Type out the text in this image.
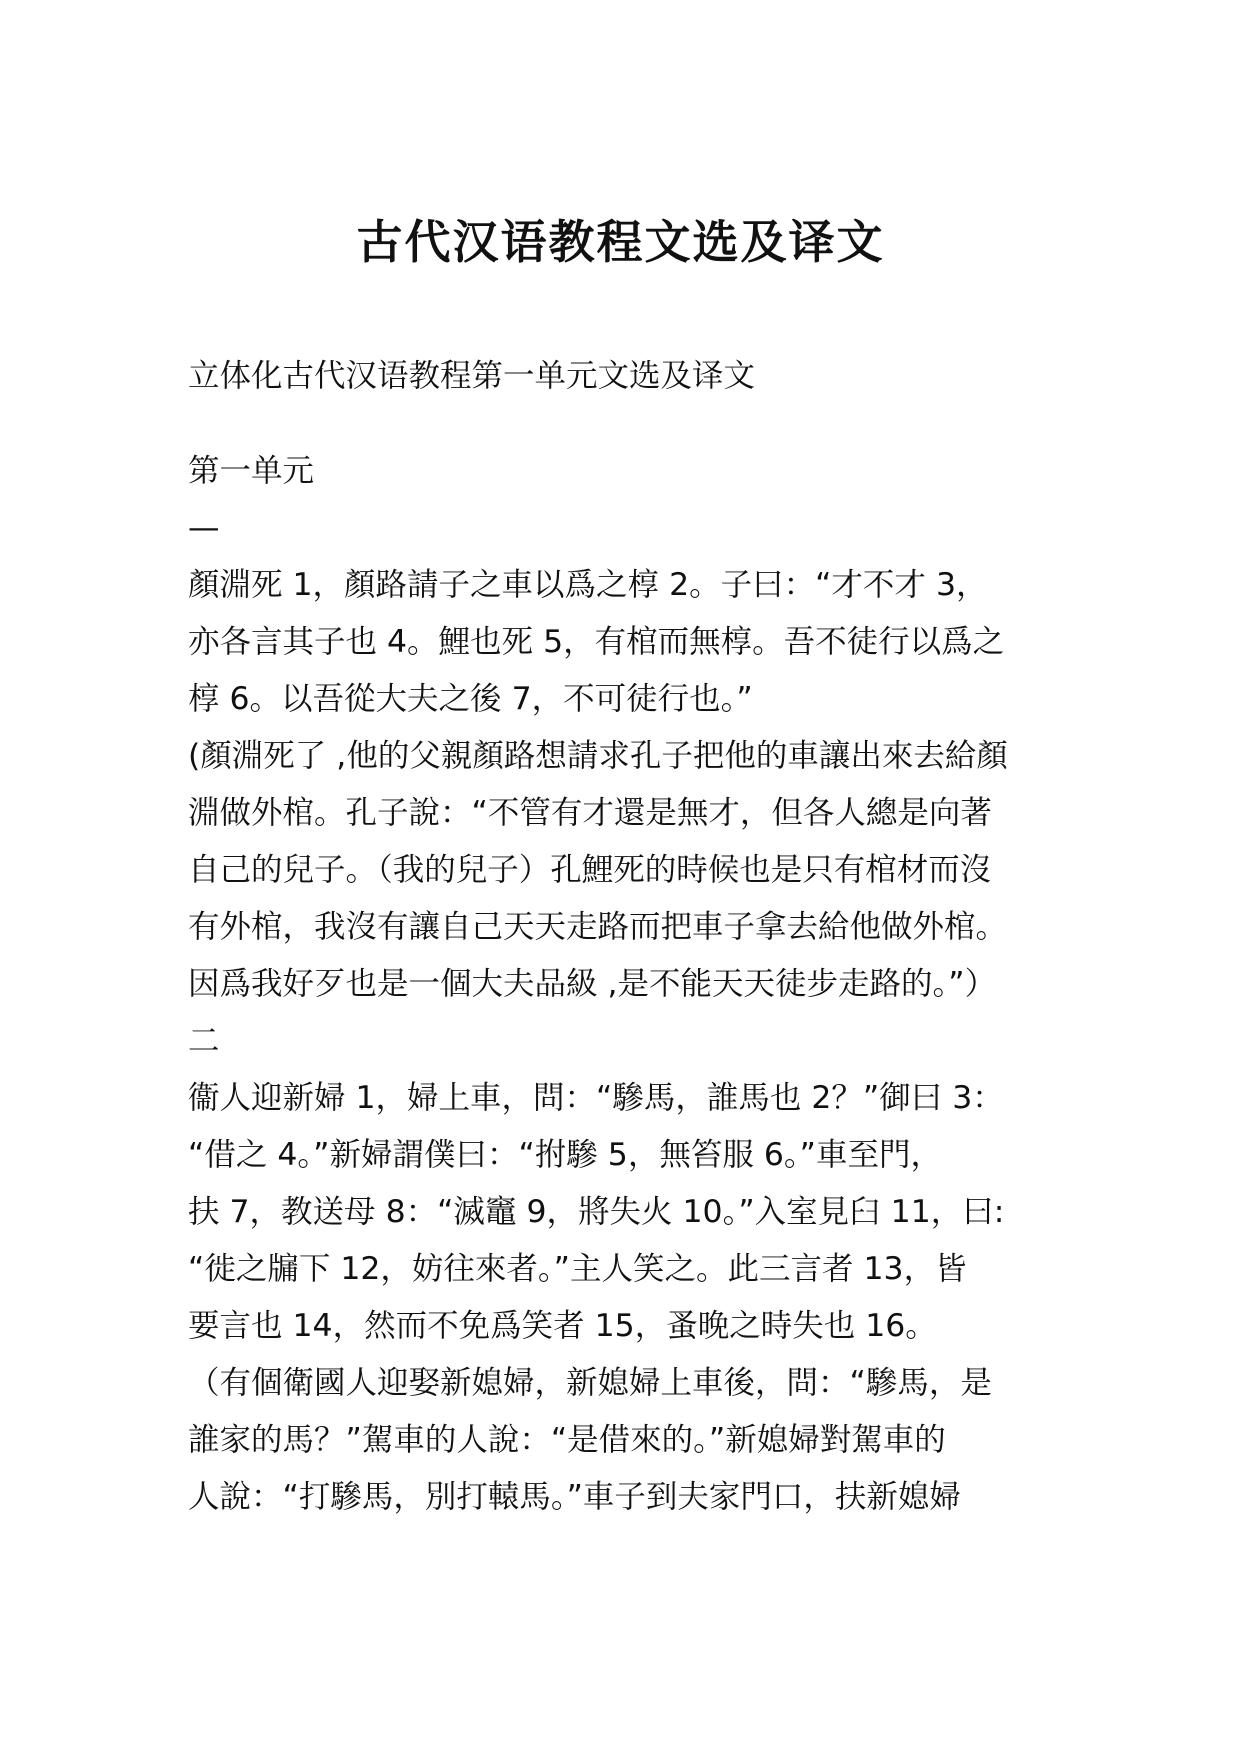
古代汉语教程文选及译文
立体化古代汉语教程第一单元文选及译文
第一单元
—
顏淵死 1，顏路請子之車以爲之椁 2。子曰：“才不才 3，
亦各言其子也 4。鯉也死 5，有棺而無椁。吾不徒行以爲之
椁 6。以吾從大夫之後 7，不可徒行也。”
(顏淵死了 ,他的父親顏路想請求孔子把他的車讓出來去給顏
淵做外棺。孔子說：“不管有才還是無才，但各人總是向著
自己的兒子。（我的兒子）孔鯉死的時候也是只有棺材而沒
有外棺，我沒有讓自己天天走路而把車子拿去給他做外棺。
因爲我好歹也是一個大夫品級 ,是不能天天徒步走路的。”）
二
衞人迎新婦 1，婦上車，問：“驂馬，誰馬也 2？”御曰 3：
“借之 4。”新婦謂僕曰：“拊驂 5，無笞服 6。”車至門，
扶 7，教送母 8：“滅竈 9，將失火 10。”入室見臼 11，曰:
“徙之牖下 12，妨往來者。”主人笑之。此三言者 13，皆
要言也 14，然而不免爲笑者 15，蚤晚之時失也 16。
（有個衛國人迎娶新媳婦，新媳婦上車後，問：“驂馬，是
誰家的馬？”駕車的人說：“是借來的。”新媳婦對駕車的
人說：“打驂馬，別打轅馬。”車子到夫家門口，扶新媳婦
